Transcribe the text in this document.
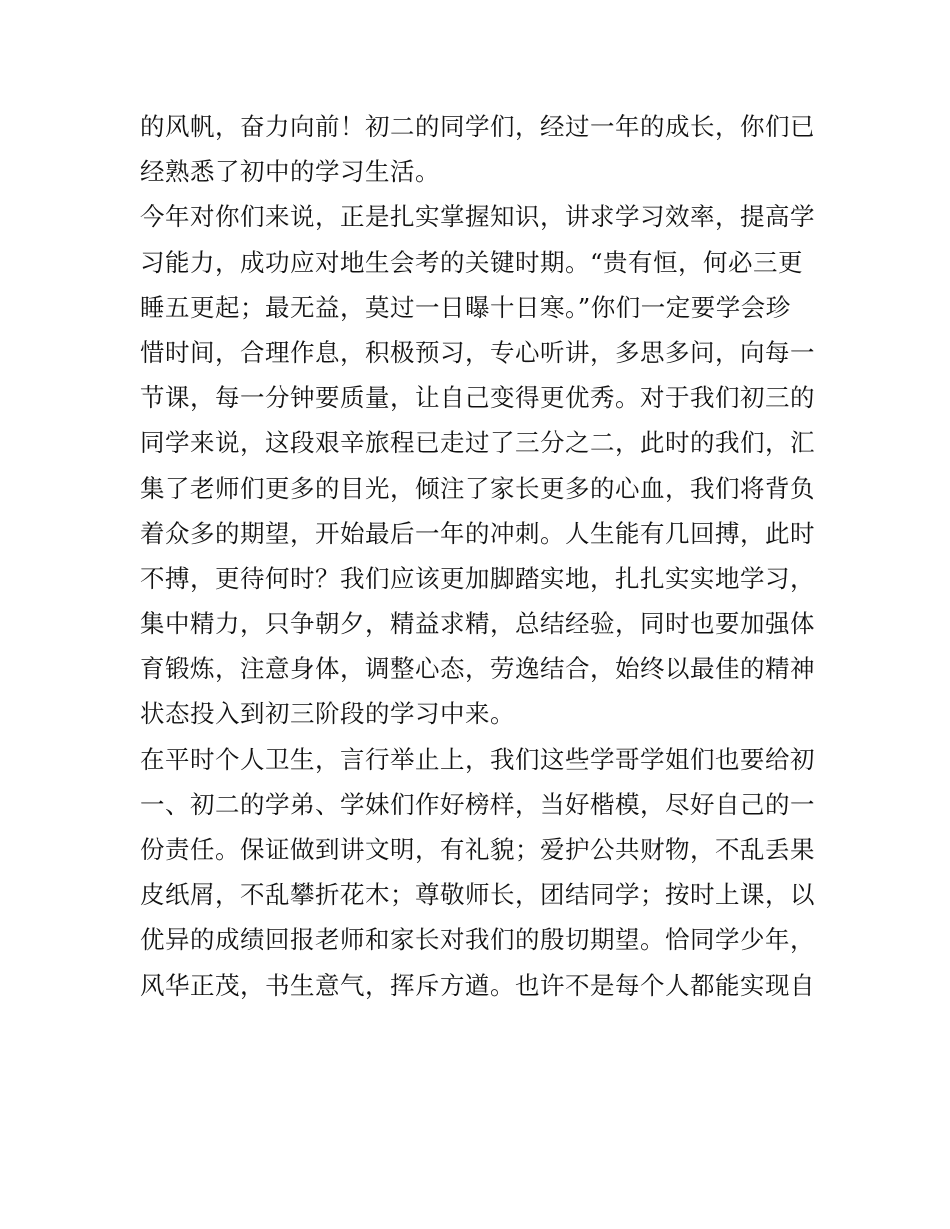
的风帆，奋力向前！初二的同学们，经过一年的成长，你们已
经熟悉了初中的学习生活。
今年对你们来说，正是扎实掌握知识，讲求学习效率，提高学
习能力，成功应对地生会考的关键时期。“贵有恒，何必三更
睡五更起；最无益，莫过一日曝十日寒。”你们一定要学会珍
惜时间，合理作息，积极预习，专心听讲，多思多问，向每一
节课，每一分钟要质量，让自己变得更优秀。对于我们初三的
同学来说，这段艰辛旅程已走过了三分之二，此时的我们，汇
集了老师们更多的目光，倾注了家长更多的心血，我们将背负
着众多的期望，开始最后一年的冲刺。人生能有几回搏，此时
不搏，更待何时？我们应该更加脚踏实地，扎扎实实地学习，
集中精力，只争朝夕，精益求精，总结经验，同时也要加强体
育锻炼，注意身体，调整心态，劳逸结合，始终以最佳的精神
状态投入到初三阶段的学习中来。
在平时个人卫生，言行举止上，我们这些学哥学姐们也要给初
一、初二的学弟、学妹们作好榜样，当好楷模，尽好自己的一
份责任。保证做到讲文明，有礼貌；爱护公共财物，不乱丢果
皮纸屑，不乱攀折花木；尊敬师长，团结同学；按时上课，以
优异的成绩回报老师和家长对我们的殷切期望。恰同学少年，
风华正茂，书生意气，挥斥方遒。也许不是每个人都能实现自
